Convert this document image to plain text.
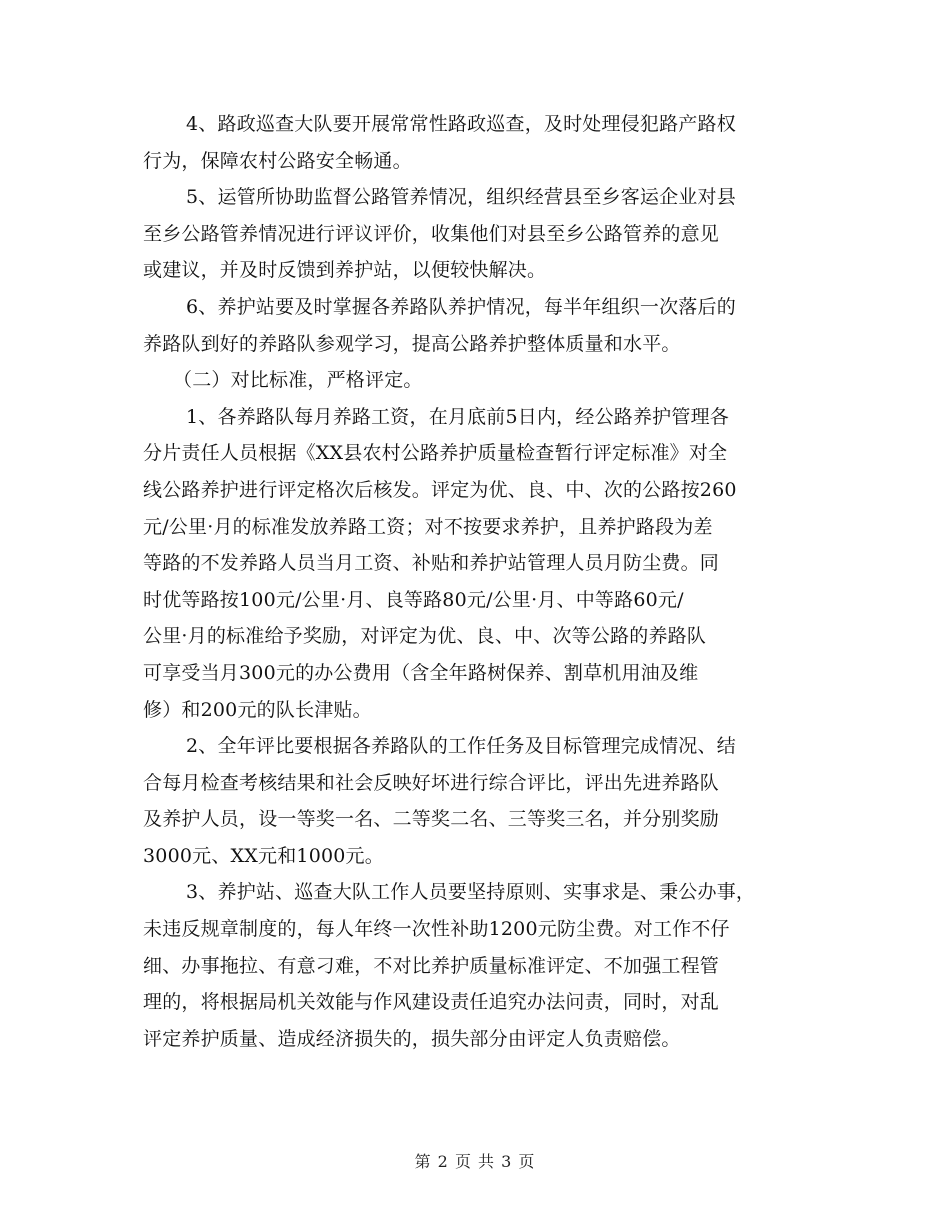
4、路政巡查大队要开展常常性路政巡查，及时处理侵犯路产路权
行为，保障农村公路安全畅通。
5、运管所协助监督公路管养情况，组织经营县至乡客运企业对县
至乡公路管养情况进行评议评价，收集他们对县至乡公路管养的意见
或建议，并及时反馈到养护站，以便较快解决。
6、养护站要及时掌握各养路队养护情况，每半年组织一次落后的
养路队到好的养路队参观学习，提高公路养护整体质量和水平。
（二）对比标准，严格评定。
1、各养路队每月养路工资，在月底前5日内，经公路养护管理各
分片责任人员根据《XX县农村公路养护质量检查暂行评定标准》对全
线公路养护进行评定格次后核发。评定为优、良、中、次的公路按260
元/公里·月的标准发放养路工资；对不按要求养护，且养护路段为差
等路的不发养路人员当月工资、补贴和养护站管理人员月防尘费。同
时优等路按100元/公里·月、良等路80元/公里·月、中等路60元/
公里·月的标准给予奖励，对评定为优、良、中、次等公路的养路队
可享受当月300元的办公费用（含全年路树保养、割草机用油及维
修）和200元的队长津贴。
2、全年评比要根据各养路队的工作任务及目标管理完成情况、结
合每月检查考核结果和社会反映好坏进行综合评比，评出先进养路队
及养护人员，设一等奖一名、二等奖二名、三等奖三名，并分别奖励
3000元、XX元和1000元。
3、养护站、巡查大队工作人员要坚持原则、实事求是、秉公办事，
未违反规章制度的，每人年终一次性补助1200元防尘费。对工作不仔
细、办事拖拉、有意刁难，不对比养护质量标准评定、不加强工程管
理的，将根据局机关效能与作风建设责任追究办法问责，同时，对乱
评定养护质量、造成经济损失的，损失部分由评定人负责赔偿。
第 2 页 共 3 页
